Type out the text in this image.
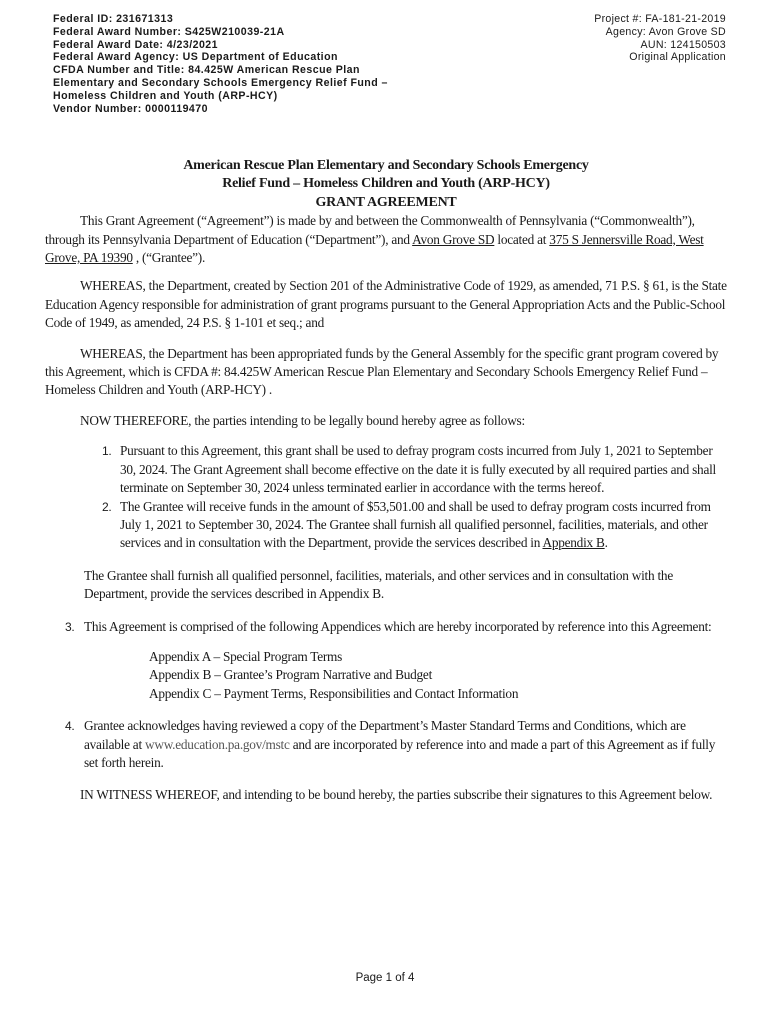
Federal ID: 231671313
Federal Award Number: S425W210039-21A
Federal Award Date: 4/23/2021
Federal Award Agency: US Department of Education
CFDA Number and Title: 84.425W American Rescue Plan
Elementary and Secondary Schools Emergency Relief Fund –
Homeless Children and Youth (ARP-HCY)
Vendor Number: 0000119470
Project #: FA-181-21-2019
Agency: Avon Grove SD
AUN: 124150503
Original Application
American Rescue Plan Elementary and Secondary Schools Emergency
Relief Fund – Homeless Children and Youth (ARP-HCY)
GRANT AGREEMENT

This Grant Agreement (“Agreement”) is made by and between the Commonwealth of Pennsylvania (“Commonwealth”), through its Pennsylvania Department of Education (“Department”), and Avon Grove SD located at 375 S Jennersville Road, West Grove, PA 19390 , (“Grantee”).

WHEREAS, the Department, created by Section 201 of the Administrative Code of 1929, as amended, 71 P.S. § 61, is the State Education Agency responsible for administration of grant programs pursuant to the General Appropriation Acts and the Public-School Code of 1949, as amended, 24 P.S. § 1-101 et seq.; and

WHEREAS, the Department has been appropriated funds by the General Assembly for the specific grant program covered by this Agreement, which is CFDA #: 84.425W American Rescue Plan Elementary and Secondary Schools Emergency Relief Fund – Homeless Children and Youth (ARP-HCY) .

NOW THEREFORE, the parties intending to be legally bound hereby agree as follows:

1. Pursuant to this Agreement, this grant shall be used to defray program costs incurred from July 1, 2021 to September 30, 2024. The Grant Agreement shall become effective on the date it is fully executed by all required parties and shall terminate on September 30, 2024 unless terminated earlier in accordance with the terms hereof.
2. The Grantee will receive funds in the amount of $53,501.00 and shall be used to defray program costs incurred from July 1, 2021 to September 30, 2024. The Grantee shall furnish all qualified personnel, facilities, materials, and other services and in consultation with the Department, provide the services described in Appendix B.

The Grantee shall furnish all qualified personnel, facilities, materials, and other services and in consultation with the Department, provide the services described in Appendix B.

3. This Agreement is comprised of the following Appendices which are hereby incorporated by reference into this Agreement:
Appendix A – Special Program Terms
Appendix B – Grantee’s Program Narrative and Budget
Appendix C – Payment Terms, Responsibilities and Contact Information
4. Grantee acknowledges having reviewed a copy of the Department’s Master Standard Terms and Conditions, which are available at www.education.pa.gov/mstc and are incorporated by reference into and made a part of this Agreement as if fully set forth herein.

IN WITNESS WHEREOF, and intending to be bound hereby, the parties subscribe their signatures to this Agreement below.

Page 1 of 4
